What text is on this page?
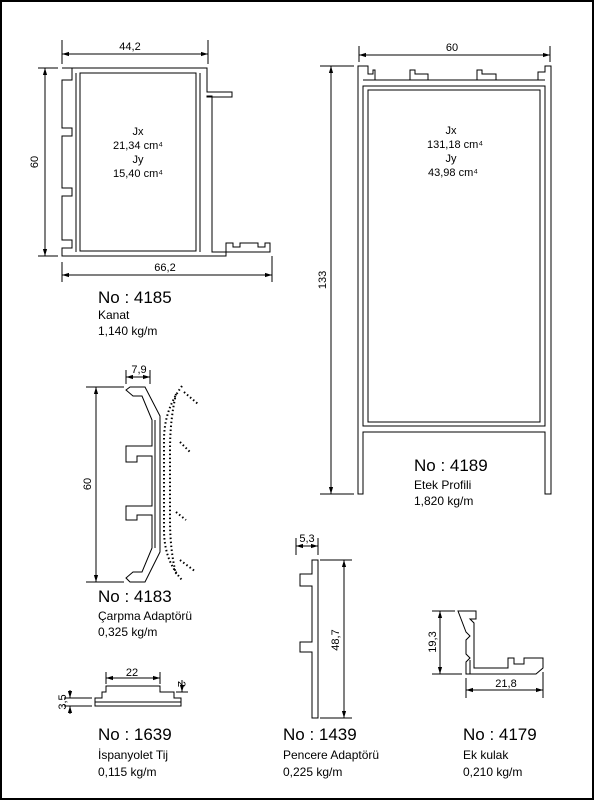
44,2
60
66,2
Jx
21,34 cm⁴
Jy
15,40 cm⁴
60
133
Jx
131,18 cm⁴
Jy
43,98 cm⁴
7,9
60
22
3,5
2
5,3
48,7	19,3
21,8
No : 4185
Kanat
1,140 kg/m
No : 4189
Etek Profili
1,820 kg/m
No : 4183
Çarpma Adaptörü
0,325 kg/m
No : 1639
İspanyolet Tij
0,115 kg/m
No : 1439
Pencere Adaptörü
0,225 kg/m
No : 4179
Ek kulak
0,210 kg/m
